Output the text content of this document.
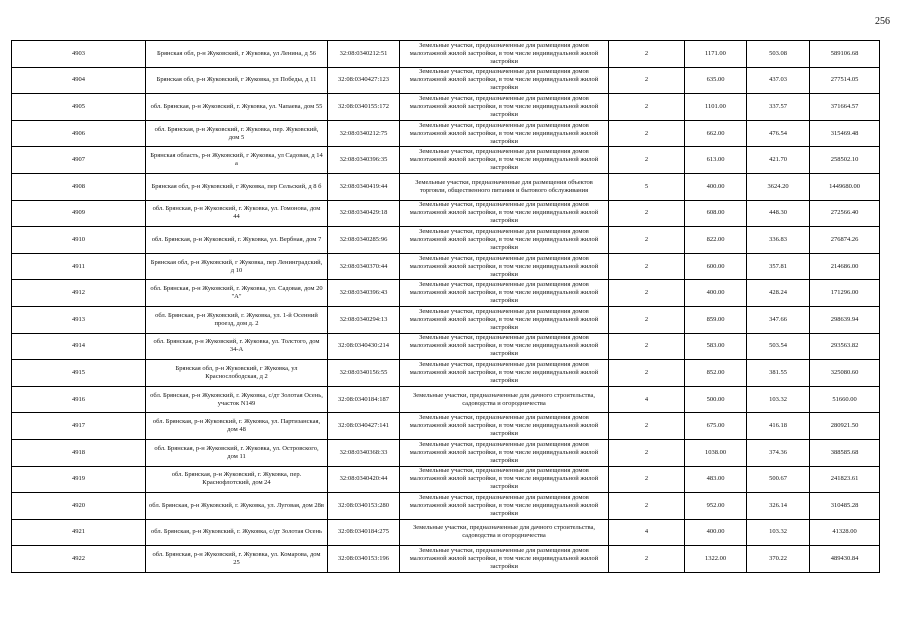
256
4903	Брянская обл, р-н Жуковский, г Жуковка, ул Ленина, д 56	32:08:0340212:51	Земельные участки, предназначенные для размещения домов малоэтажной жилой застройки, в том числе индивидуальной жилой застройки	2	1171.00	503.08	589106.68
4904	Брянская обл, р-н Жуковский, г Жуковка, ул Победы, д 11	32:08:0340427:123	Земельные участки, предназначенные для размещения домов малоэтажной жилой застройки, в том числе индивидуальной жилой застройки	2	635.00	437.03	277514.05
4905	обл. Брянская, р-н Жуковский, г. Жуковка, ул. Чапаева, дом 55	32:08:0340155:172	Земельные участки, предназначенные для размещения домов малоэтажной жилой застройки, в том числе индивидуальной жилой застройки	2	1101.00	337.57	371664.57
4906	обл. Брянская, р-н Жуковский, г. Жуковка, пер. Жуковский, дом 5	32:08:0340212:75	Земельные участки, предназначенные для размещения домов малоэтажной жилой застройки, в том числе индивидуальной жилой застройки	2	662.00	476.54	315469.48
4907	Брянская область, р-н Жуковский, г Жуковка, ул Садовая, д 14 а	32:08:0340396:35	Земельные участки, предназначенные для размещения домов малоэтажной жилой застройки, в том числе индивидуальной жилой застройки	2	613.00	421.70	258502.10
4908	Брянская обл, р-н Жуковский, г Жуковка, пер Сельский, д 8 б	32:08:0340419:44	Земельные участки, предназначенные для размещения объектов торговли, общественного питания и бытового обслуживания	5	400.00	3624.20	1449680.00
4909	обл. Брянская, р-н Жуковский, г. Жуковка, ул. Гомонова, дом 44	32:08:0340429:18	Земельные участки, предназначенные для размещения домов малоэтажной жилой застройки, в том числе индивидуальной жилой застройки	2	608.00	448.30	272566.40
4910	обл. Брянская, р-н Жуковский, г. Жуковка, ул. Вербная, дом 7	32:08:0340285:96	Земельные участки, предназначенные для размещения домов малоэтажной жилой застройки, в том числе индивидуальной жилой застройки	2	822.00	336.83	276874.26
4911	Брянская обл, р-н Жуковский, г Жуковка, пер Ленинградский, д 10	32:08:0340370:44	Земельные участки, предназначенные для размещения домов малоэтажной жилой застройки, в том числе индивидуальной жилой застройки	2	600.00	357.81	214686.00
4912	обл. Брянская, р-н Жуковский, г. Жуковка, ул. Садовая, дом 20 "А"	32:08:0340396:43	Земельные участки, предназначенные для размещения домов малоэтажной жилой застройки, в том числе индивидуальной жилой застройки	2	400.00	428.24	171296.00
4913	обл. Брянская, р-н Жуковский, г. Жуковка, ул. 1-й Осенний проезд, дом д. 2	32:08:0340294:13	Земельные участки, предназначенные для размещения домов малоэтажной жилой застройки, в том числе индивидуальной жилой застройки	2	859.00	347.66	298639.94
4914	обл. Брянская, р-н Жуковский, г. Жуковка, ул. Толстого, дом 34-А	32:08:0340430:214	Земельные участки, предназначенные для размещения домов малоэтажной жилой застройки, в том числе индивидуальной жилой застройки	2	583.00	503.54	293563.82
4915	Брянская обл, р-н Жуковский, г Жуковка, ул Краснослободская, д 2	32:08:0340156:55	Земельные участки, предназначенные для размещения домов малоэтажной жилой застройки, в том числе индивидуальной жилой застройки	2	852.00	381.55	325080.60
4916	обл. Брянская, р-н Жуковский, г. Жуковка, с/дт Золотая Осень, участок N149	32:08:0340184:187	Земельные участки, предназначенные для дачного строительства, садоводства и огородничества	4	500.00	103.32	51660.00
4917	обл. Брянская, р-н Жуковский, г. Жуковка, ул. Партизанская, дом 48	32:08:0340427:141	Земельные участки, предназначенные для размещения домов малоэтажной жилой застройки, в том числе индивидуальной жилой застройки	2	675.00	416.18	280921.50
4918	обл. Брянская, р-н Жуковский, г. Жуковка, ул. Островского, дом 11	32:08:0340368:33	Земельные участки, предназначенные для размещения домов малоэтажной жилой застройки, в том числе индивидуальной жилой застройки	2	1038.00	374.36	388585.68
4919	обл. Брянская, р-н Жуковский, г. Жуковка, пер. Краснофлотский, дом 24	32:08:0340420:44	Земельные участки, предназначенные для размещения домов малоэтажной жилой застройки, в том числе индивидуальной жилой застройки	2	483.00	500.67	241823.61
4920	обл. Брянская, р-н Жуковский, г. Жуковка, ул. Луговая, дом 28в	32:08:0340153:280	Земельные участки, предназначенные для размещения домов малоэтажной жилой застройки, в том числе индивидуальной жилой застройки	2	952.00	326.14	310485.28
4921	обл. Брянская, р-н Жуковский, г. Жуковка, с/дт Золотая Осень	32:08:0340184:275	Земельные участки, предназначенные для дачного строительства, садоводства и огородничества	4	400.00	103.32	41328.00
4922	обл. Брянская, р-н Жуковский, г. Жуковка, ул. Комарова, дом 25	32:08:0340153:196	Земельные участки, предназначенные для размещения домов малоэтажной жилой застройки, в том числе индивидуальной жилой застройки	2	1322.00	370.22	489430.84
